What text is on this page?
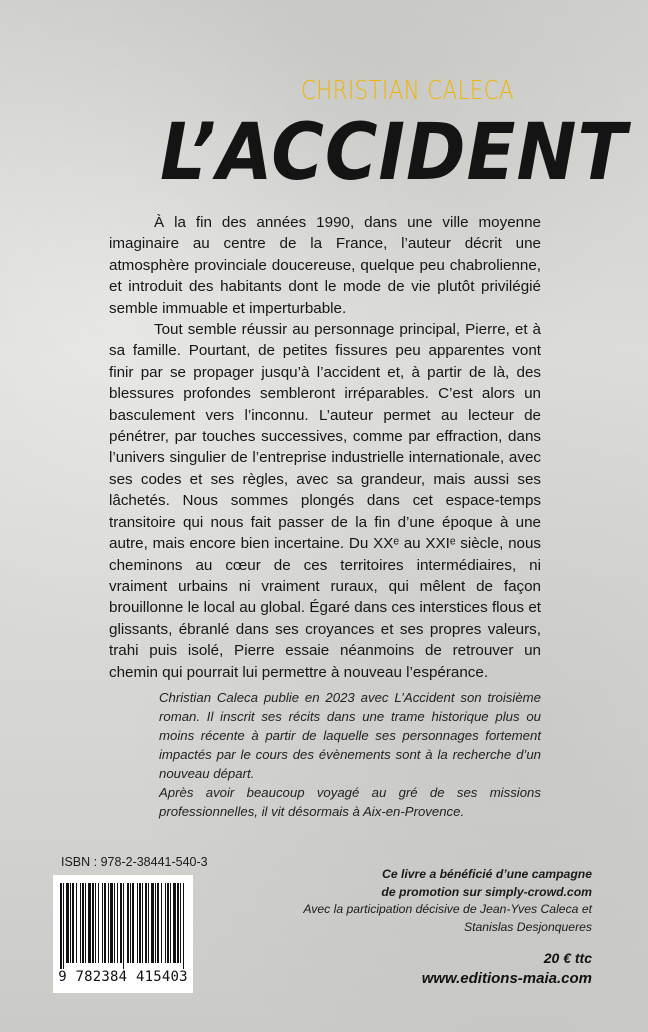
CHRISTIAN CALECA
L’ACCIDENT

À la fin des années 1990, dans une ville moyenne imaginaire au centre de la France, l’auteur décrit une atmosphère provinciale doucereuse, quelque peu chabrolienne, et introduit des habitants dont le mode de vie plutôt privilégié semble immuable et imperturbable.

Tout semble réussir au personnage principal, Pierre, et à sa famille. Pourtant, de petites fissures peu apparentes vont finir par se propager jusqu’à l’accident et, à partir de là, des blessures profondes sembleront irréparables. C’est alors un basculement vers l’inconnu. L’auteur permet au lecteur de pénétrer, par touches successives, comme par effraction, dans l’univers singulier de l’entreprise industrielle internationale, avec ses codes et ses règles, avec sa grandeur, mais aussi ses lâchetés. Nous sommes plongés dans cet espace-temps transitoire qui nous fait passer de la fin d’une époque à une autre, mais encore bien incertaine. Du XXᵉ au XXIᵉ siècle, nous cheminons au cœur de ces territoires intermédiaires, ni vraiment urbains ni vraiment ruraux, qui mêlent de façon brouillonne le local au global. Égaré dans ces interstices flous et glissants, ébranlé dans ses croyances et ses propres valeurs, trahi puis isolé, Pierre essaie néanmoins de retrouver un chemin qui pourrait lui permettre à nouveau l’espérance.

Christian Caleca publie en 2023 avec L’Accident son troisième roman. Il inscrit ses récits dans une trame historique plus ou moins récente à partir de laquelle ses personnages fortement impactés par le cours des évènements sont à la recherche d’un nouveau départ.

Après avoir beaucoup voyagé au gré de ses missions professionnelles, il vit désormais à Aix-en-Provence.

ISBN : 978-2-38441-540-3
9 782384 415403
Ce livre a bénéficié d’une campagne
de promotion sur simply-crowd.com
Avec la participation décisive de Jean-Yves Caleca et
Stanislas Desjonqueres
20 € ttc
www.editions-maia.com
